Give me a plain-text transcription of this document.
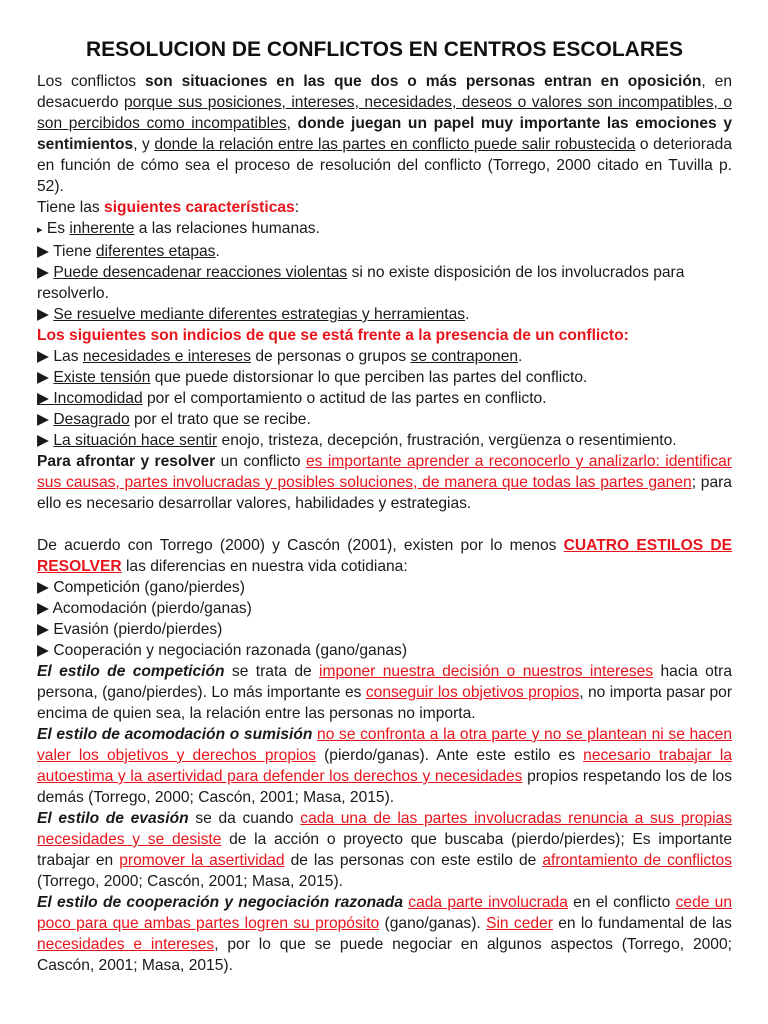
RESOLUCION DE CONFLICTOS EN CENTROS ESCOLARES

Los conflictos son situaciones en las que dos o más personas entran en oposición, en desacuerdo porque sus posiciones, intereses, necesidades, deseos o valores son incompatibles, o son percibidos como incompatibles, donde juegan un papel muy importante las emociones y sentimientos, y donde la relación entre las partes en conflicto puede salir robustecida o deteriorada en función de cómo sea el proceso de resolución del conflicto (Torrego, 2000 citado en Tuvilla p. 52).

Tiene las siguientes características:

▸ Es inherente a las relaciones humanas.

▶ Tiene diferentes etapas.

▶ Puede desencadenar reacciones violentas si no existe disposición de los involucrados para resolverlo.

▶ Se resuelve mediante diferentes estrategias y herramientas.

Los siguientes son indicios de que se está frente a la presencia de un conflicto:

▶ Las necesidades e intereses de personas o grupos se contraponen.

▶ Existe tensión que puede distorsionar lo que perciben las partes del conflicto.

▶ Incomodidad por el comportamiento o actitud de las partes en conflicto.

▶ Desagrado por el trato que se recibe.

▶ La situación hace sentir enojo, tristeza, decepción, frustración, vergüenza o resentimiento.

Para afrontar y resolver un conflicto es importante aprender a reconocerlo y analizarlo: identificar sus causas, partes involucradas y posibles soluciones, de manera que todas las partes ganen; para ello es necesario desarrollar valores, habilidades y estrategias.

De acuerdo con Torrego (2000) y Cascón (2001), existen por lo menos CUATRO ESTILOS DE RESOLVER las diferencias en nuestra vida cotidiana:

▶ Competición (gano/pierdes)

▶ Acomodación (pierdo/ganas)

▶ Evasión (pierdo/pierdes)

▶ Cooperación y negociación razonada (gano/ganas)

El estilo de competición se trata de imponer nuestra decisión o nuestros intereses hacia otra persona, (gano/pierdes). Lo más importante es conseguir los objetivos propios, no importa pasar por encima de quien sea, la relación entre las personas no importa.

El estilo de acomodación o sumisión no se confronta a la otra parte y no se plantean ni se hacen valer los objetivos y derechos propios (pierdo/ganas). Ante este estilo es necesario trabajar la autoestima y la asertividad para defender los derechos y necesidades propios respetando los de los demás (Torrego, 2000; Cascón, 2001; Masa, 2015).

El estilo de evasión se da cuando cada una de las partes involucradas renuncia a sus propias necesidades y se desiste de la acción o proyecto que buscaba (pierdo/pierdes); Es importante trabajar en promover la asertividad de las personas con este estilo de afrontamiento de conflictos (Torrego, 2000; Cascón, 2001; Masa, 2015).

El estilo de cooperación y negociación razonada cada parte involucrada en el conflicto cede un poco para que ambas partes logren su propósito (gano/ganas). Sin ceder en lo fundamental de las necesidades e intereses, por lo que se puede negociar en algunos aspectos (Torrego, 2000; Cascón, 2001; Masa, 2015).
